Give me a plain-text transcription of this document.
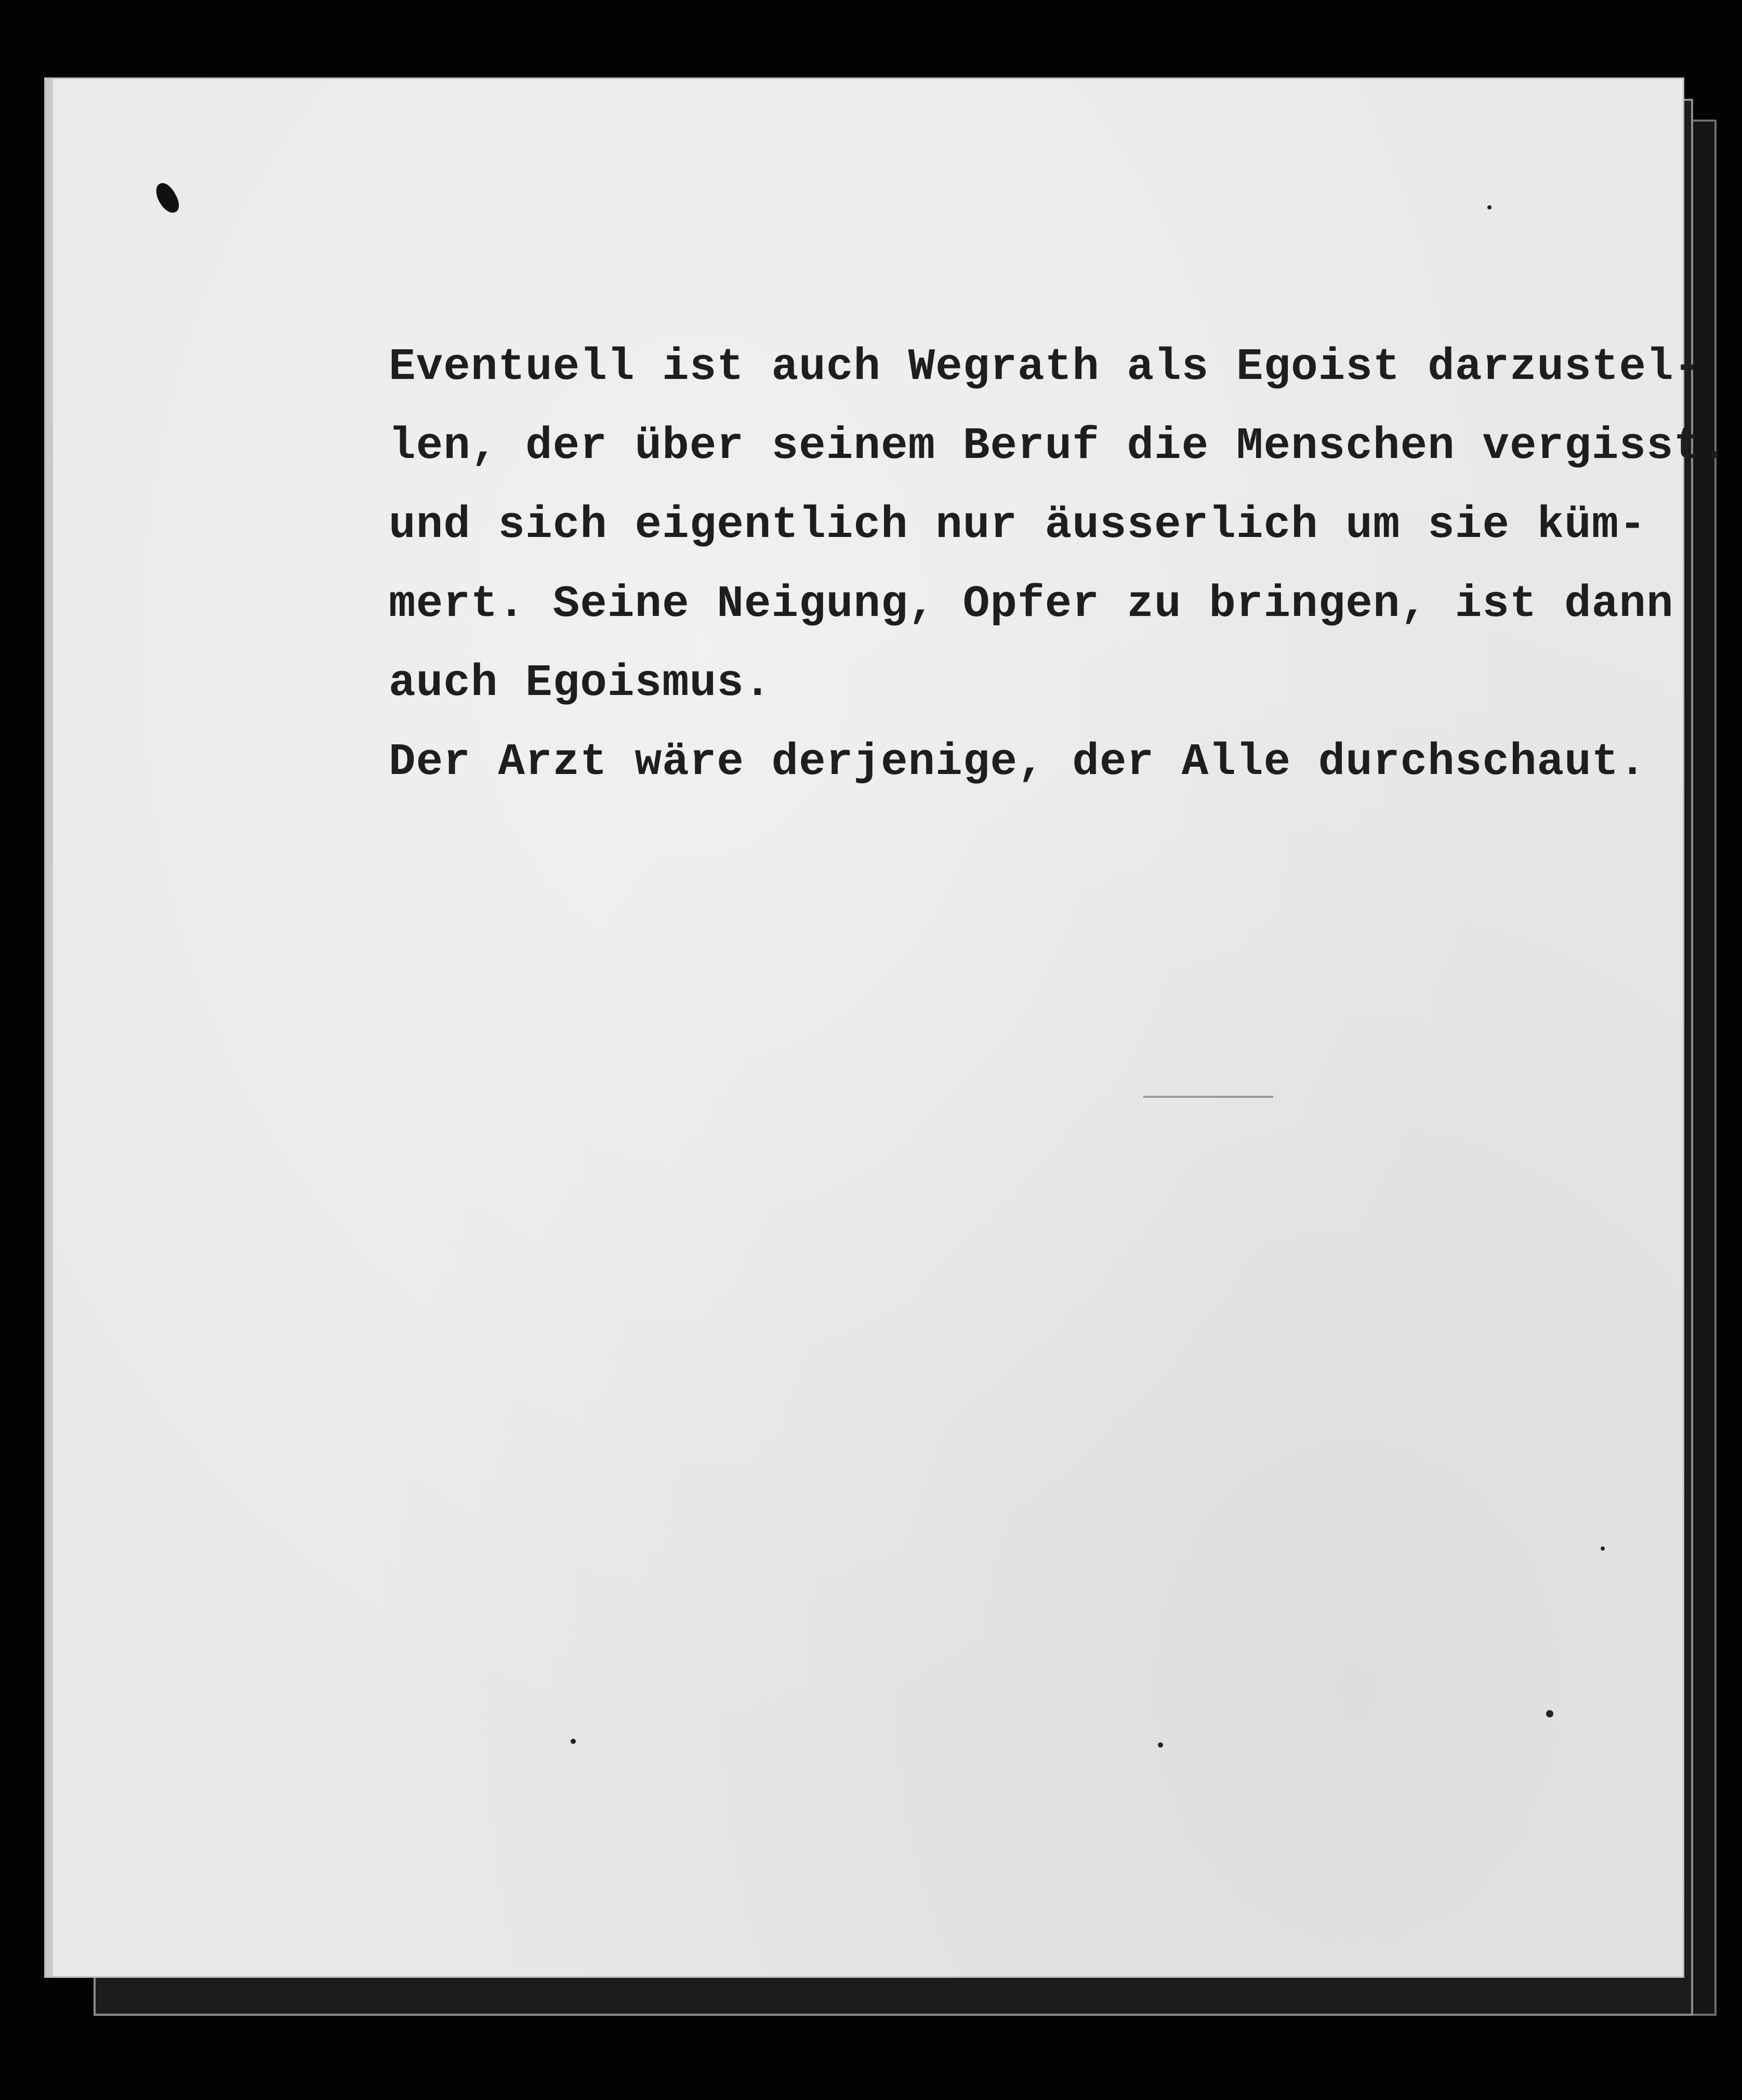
Eventuell ist auch Wegrath als Egoist darzustel-
len, der über seinem Beruf die Menschen vergisst.
und sich eigentlich nur äusserlich um sie küm-
mert. Seine Neigung, Opfer zu bringen, ist dann
auch Egoismus.
Der Arzt wäre derjenige, der Alle durchschaut.
